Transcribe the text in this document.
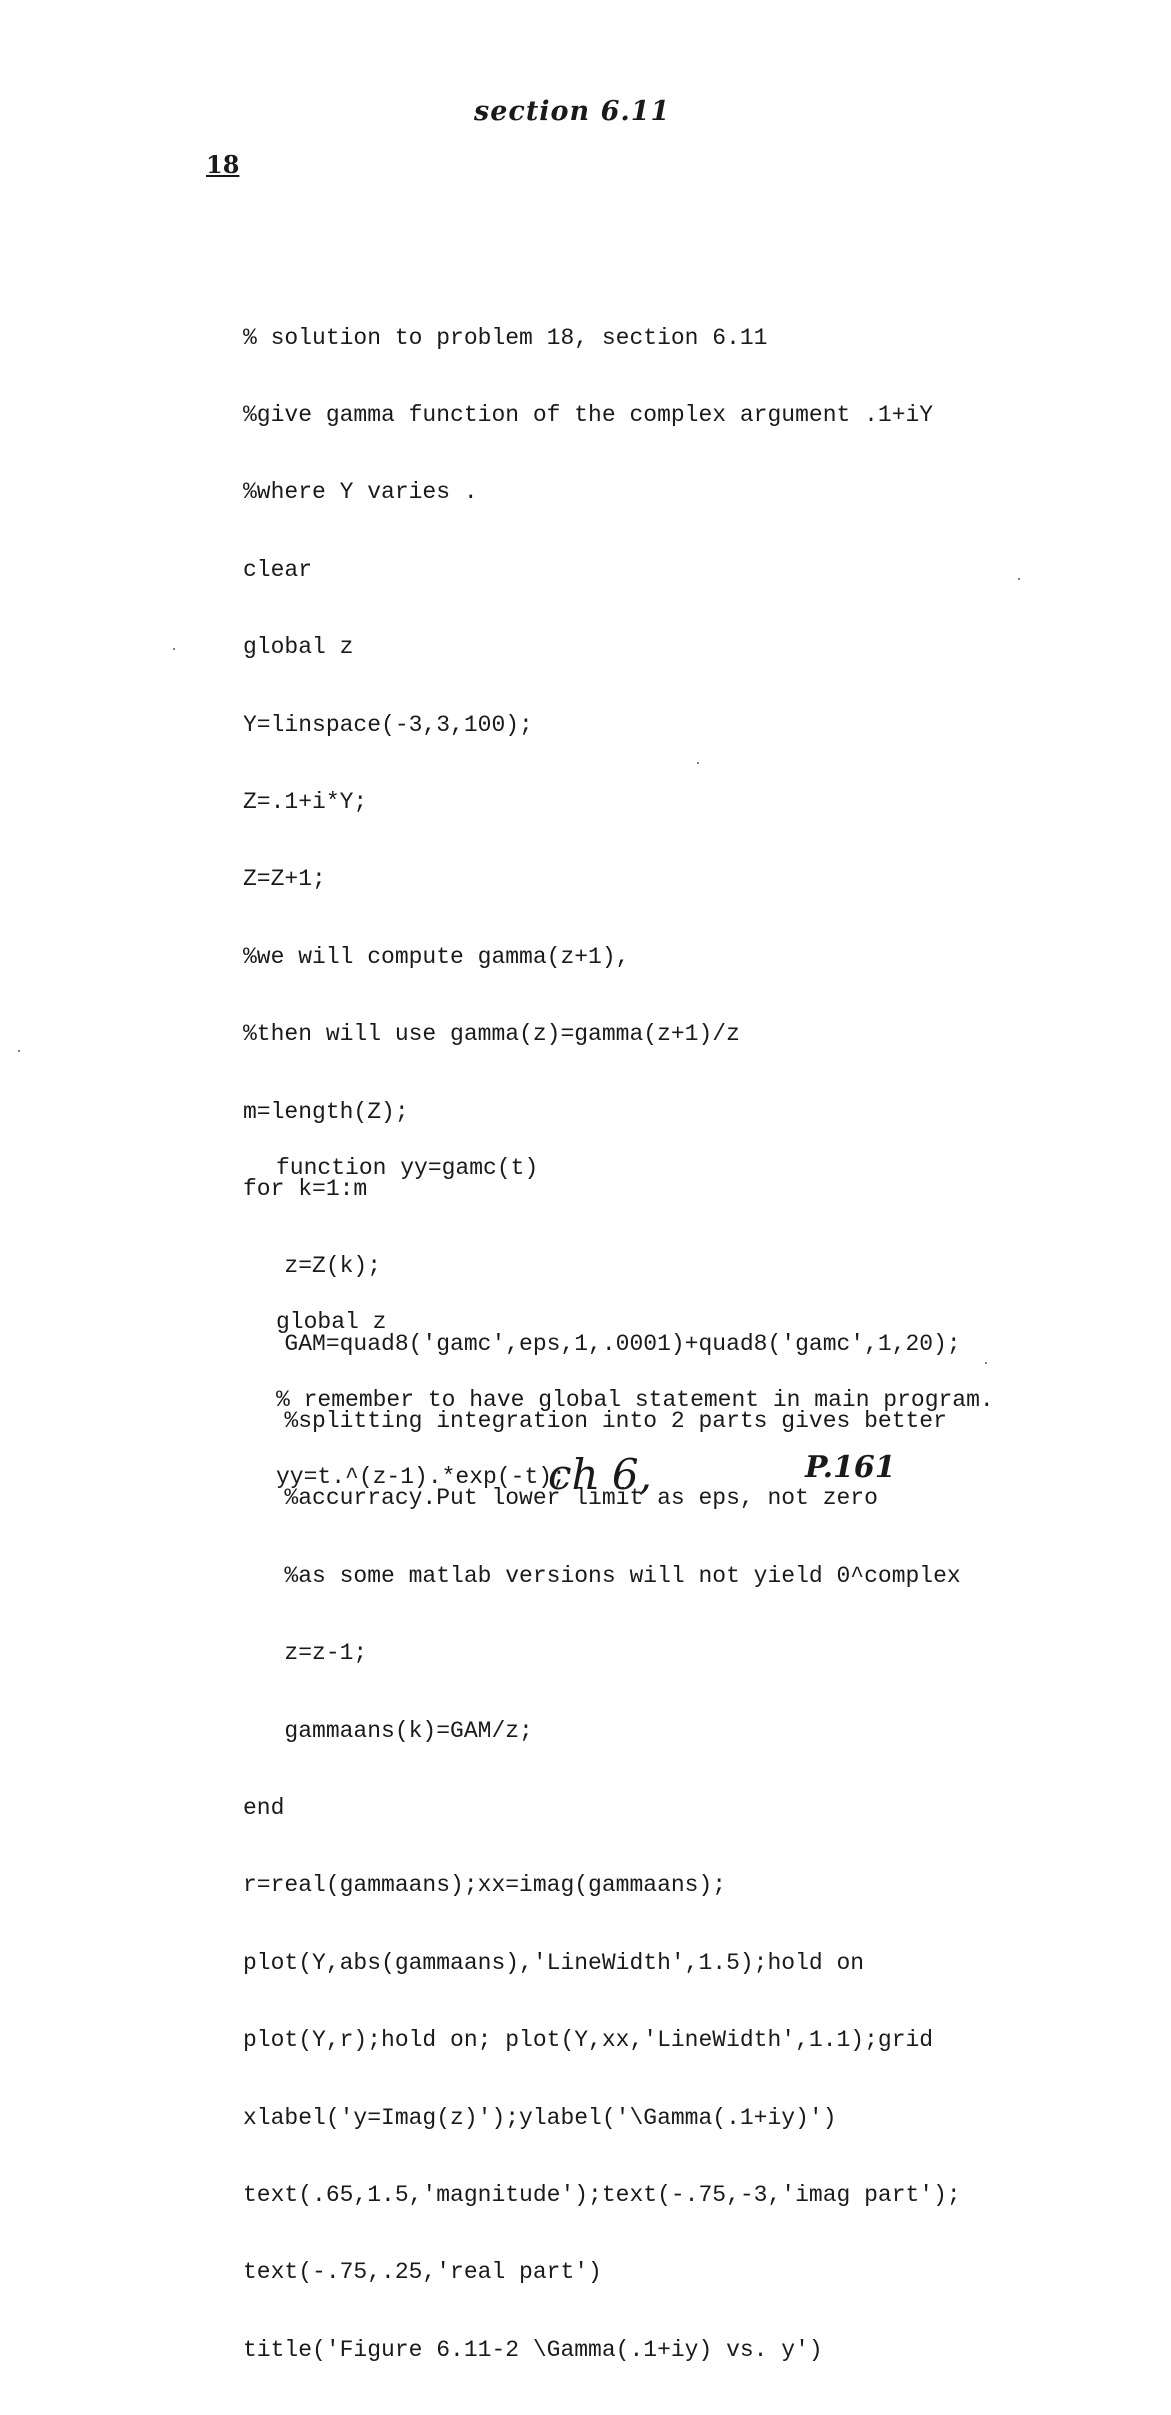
section 6.11
18

% solution to problem 18, section 6.11

%give gamma function of the complex argument .1+iY

%where Y varies .

clear

global z

Y=linspace(-3,3,100);

Z=.1+i*Y;

Z=Z+1;

%we will compute gamma(z+1),

%then will use gamma(z)=gamma(z+1)/z

m=length(Z);

for k=1:m

z=Z(k);

GAM=quad8('gamc',eps,1,.0001)+quad8('gamc',1,20);

%splitting integration into 2 parts gives better

%accurracy.Put lower limit as eps, not zero

%as some matlab versions will not yield 0^complex

z=z-1;

gammaans(k)=GAM/z;

end

r=real(gammaans);xx=imag(gammaans);

plot(Y,abs(gammaans),'LineWidth',1.5);hold on

plot(Y,r);hold on; plot(Y,xx,'LineWidth',1.1);grid

xlabel('y=Imag(z)');ylabel('\Gamma(.1+iy)')

text(.65,1.5,'magnitude');text(-.75,-3,'imag part');

text(-.75,.25,'real part')

title('Figure 6.11-2 \Gamma(.1+iy) vs. y')

function yy=gamc(t)

global z

% remember to have global statement in main program.

yy=t.^(z-1).*exp(-t);

ch 6,	P.161
